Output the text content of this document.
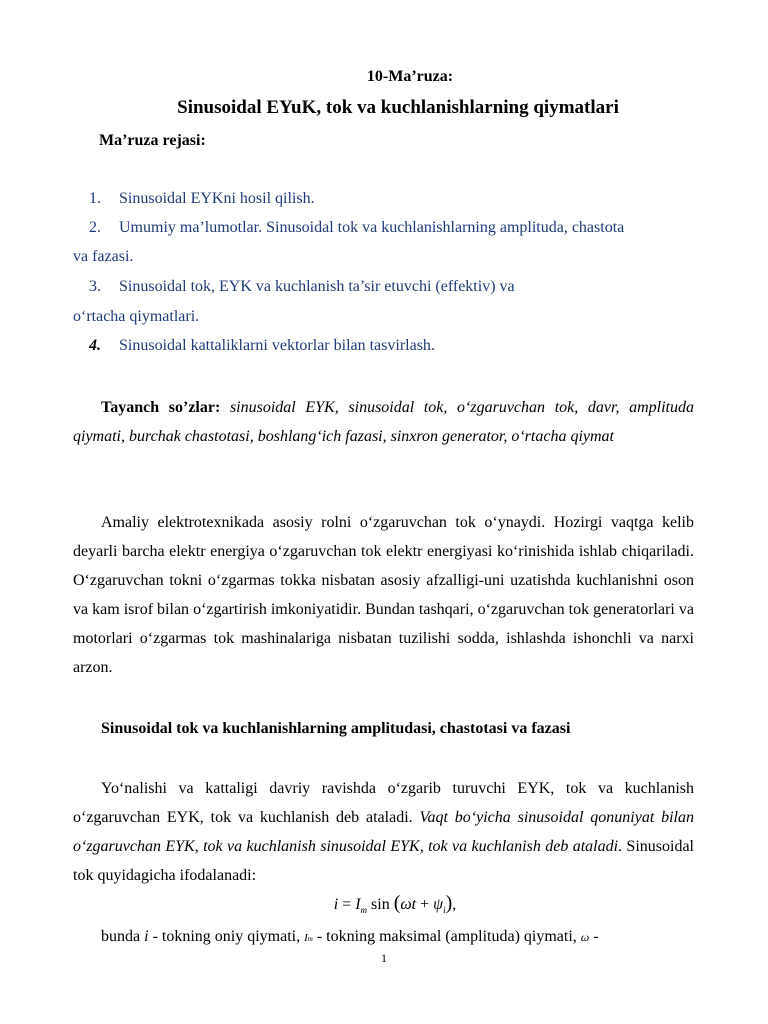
10-Ma’ruza:
Sinusoidal EYuK, tok va kuchlanishlarning qiymatlari
Ma’ruza rejasi:
1. Sinusoidal EYKni hosil qilish.
2. Umumiy ma’lumotlar. Sinusoidal tok va kuchlanishlarning amplituda, chastota
va fazasi.
3. Sinusoidal tok, EYK va kuchlanish ta’sir etuvchi (effektiv) va
o‘rtacha qiymatlari.
4. Sinusoidal kattaliklarni vektorlar bilan tasvirlash.
Tayanch so’zlar: sinusoidal EYK, sinusoidal tok, o‘zgaruvchan tok, davr, amplituda qiymati, burchak chastotasi, boshlang‘ich fazasi, sinxron generator, o‘rtacha qiymat
Amaliy elektrotexnikada asosiy rolni o‘zgaruvchan tok o‘ynaydi. Hozirgi vaqtga kelib deyarli barcha elektr energiya o‘zgaruvchan tok elektr energiyasi ko‘rinishida ishlab chiqariladi. O‘zgaruvchan tokni o‘zgarmas tokka nisbatan asosiy afzalligi-uni uzatishda kuchlanishni oson va kam isrof bilan o‘zgartirish imkoniyatidir. Bundan tashqari, o‘zgaruvchan tok generatorlari va motorlari o‘zgarmas tok mashinalariga nisbatan tuzilishi sodda, ishlashda ishonchli va narxi arzon.
Sinusoidal tok va kuchlanishlarning amplitudasi, chastotasi va fazasi
Yo‘nalishi va kattaligi davriy ravishda o‘zgarib turuvchi EYK, tok va kuchlanish o‘zgaruvchan EYK, tok va kuchlanish deb ataladi. Vaqt bo‘yicha sinusoidal qonuniyat bilan o‘zgaruvchan EYK, tok va kuchlanish sinusoidal EYK, tok va kuchlanish deb ataladi. Sinusoidal tok quyidagicha ifodalanadi:
$i = I_m$ $\sin (\omega t + \psi_i)$,
bunda i - tokning oniy qiymati, Im - tokning maksimal (amplituda) qiymati, ω -
1
